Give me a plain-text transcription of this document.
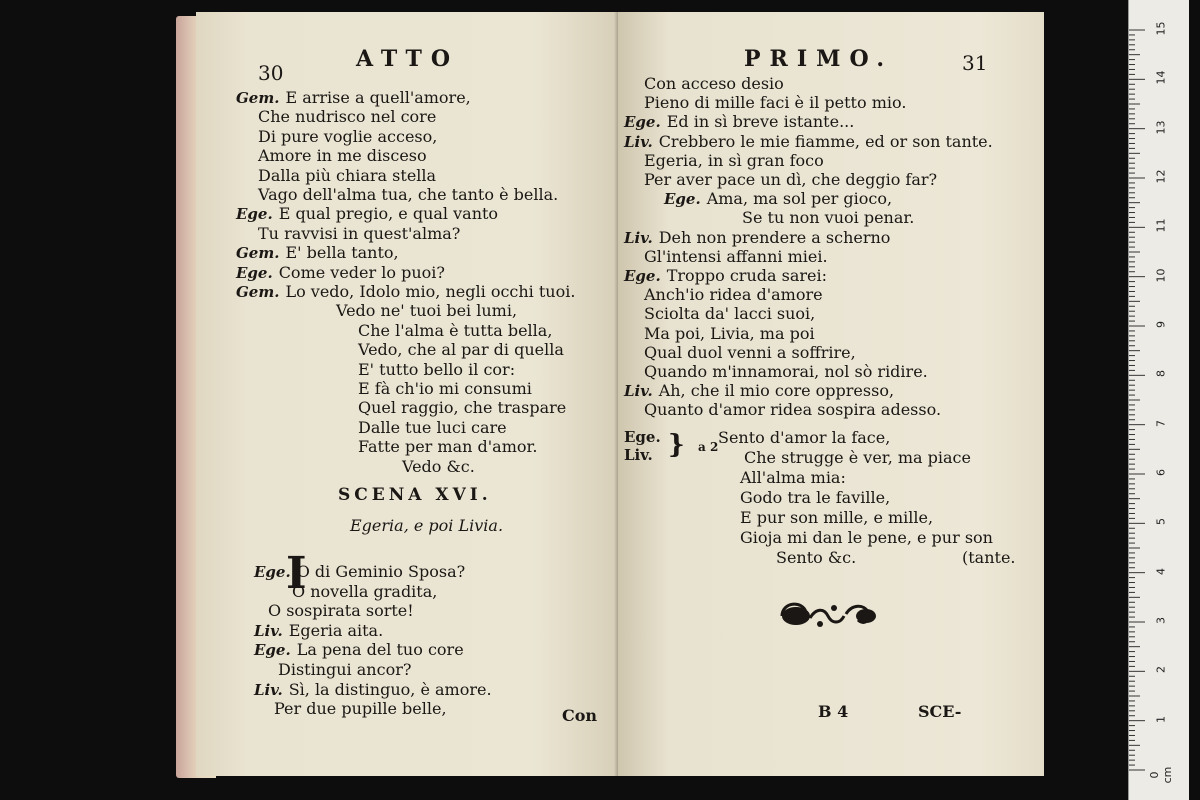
30
ATTO
Gem. E arrise a quell'amore,
Che nudrisco nel core
Di pure voglie acceso,
Amore in me disceso
Dalla più chiara stella
Vago dell'alma tua, che tanto è bella.
Ege. E qual pregio, e qual vanto
Tu ravvisi in quest'alma?
Gem. E' bella tanto,
Ege. Come veder lo puoi?
Gem. Lo vedo, Idolo mio, negli occhi tuoi.
Vedo ne' tuoi bei lumi,
Che l'alma è tutta bella,
Vedo, che al par di quella
E' tutto bello il cor:
E fà ch'io mi consumi
Quel raggio, che traspare
Dalle tue luci care
Fatte per man d'amor.
Vedo &c.
SCENA XVI.
Egeria, e poi Livia.
I
Ege. O di Geminio Sposa?
O novella gradita,
O sospirata sorte!
Liv. Egeria aita.
Ege. La pena del tuo core
Distingui ancor?
Liv. Sì, la distinguo, è amore.
Per due pupille belle,	Con
PRIMO.	31
Con acceso desio
Pieno di mille faci è il petto mio.
Ege. Ed in sì breve istante...
Liv. Crebbero le mie fiamme, ed or son tante.
Egeria, in sì gran foco
Per aver pace un dì, che deggio far?
Ege. Ama, ma sol per gioco,
Se tu non vuoi penar.
Liv. Deh non prendere a scherno
Gl'intensi affanni miei.
Ege. Troppo cruda sarei:
Anch'io ridea d'amore
Sciolta da' lacci suoi,
Ma poi, Livia, ma poi
Qual duol venni a soffrire,
Quando m'innamorai, nol sò ridire.
Liv. Ah, che il mio core oppresso,
Quanto d'amor ridea sospira adesso.
Ege.
Liv. } a 2 Sento d'amor la face,
Che strugge è ver, ma piace
All'alma mia:
Godo tra le faville,
E pur son mille, e mille,
Gioja mi dan le pene, e pur son
Sento &c.	(tante.
B 4	SCE-
15
14
13
12
11
10
9
8
7
6
5
4
3
2
1
0 cm
